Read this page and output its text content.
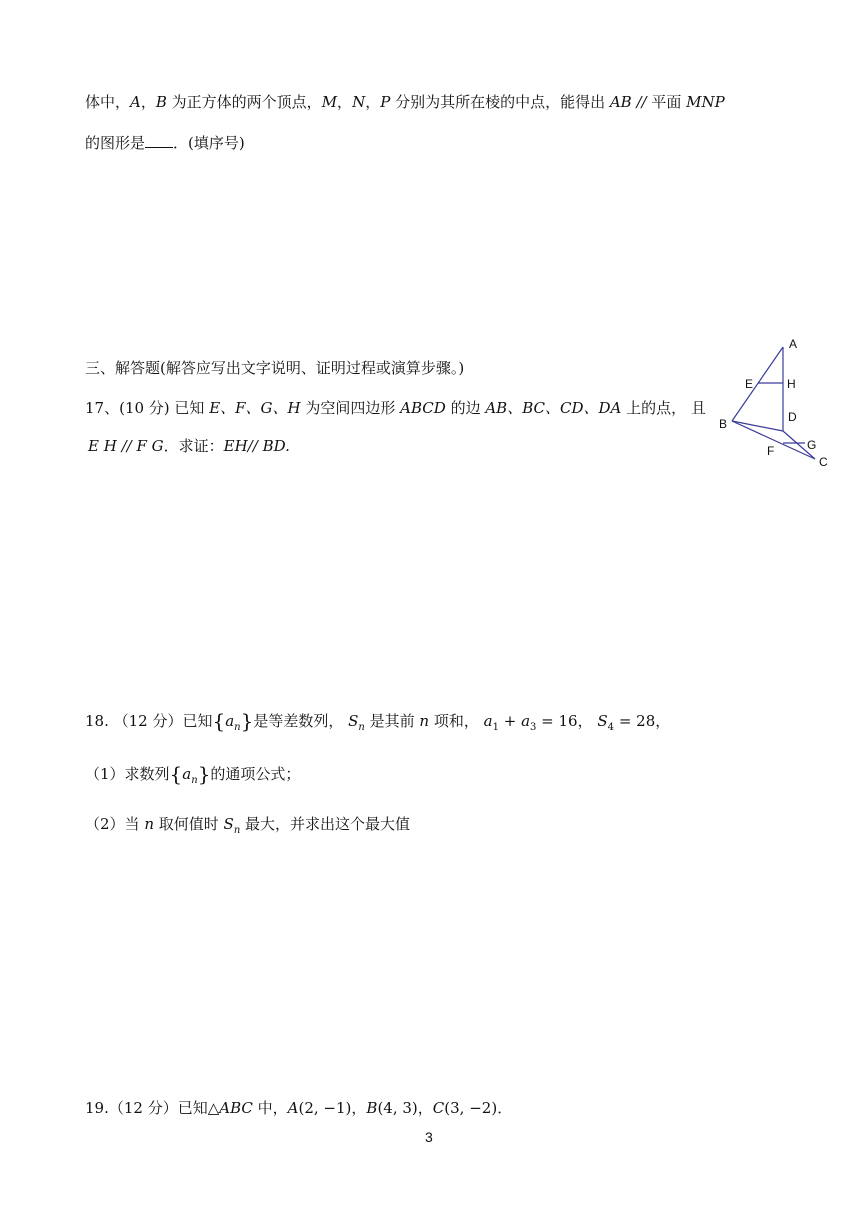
体中，A，B 为正方体的两个顶点，M，N，P 分别为其所在棱的中点，能得出 AB // 平面 MNP
的图形是 ．(填序号)
三、解答题(解答应写出文字说明、证明过程或演算步骤。)
17、(10 分) 已知 E、F、G、H 为空间四边形 ABCD 的边 AB、BC、CD、DA 上的点， 且
E H // F G．求证：EH// BD.
A
E	H
D
B
G
F
C
18. （12 分）已知$\{a_n\}$是等差数列， $S_n$ 是其前 n 项和， $a_1 + a_3 = 16$， $S_4 = 28$，
（1）求数列$\{a_n\}$的通项公式；
（2）当 n 取何值时 $S_n$ 最大，并求出这个最大值
19.（12 分）已知△ABC 中，A(2, −1)，B(4, 3)，C(3, −2)．
3
